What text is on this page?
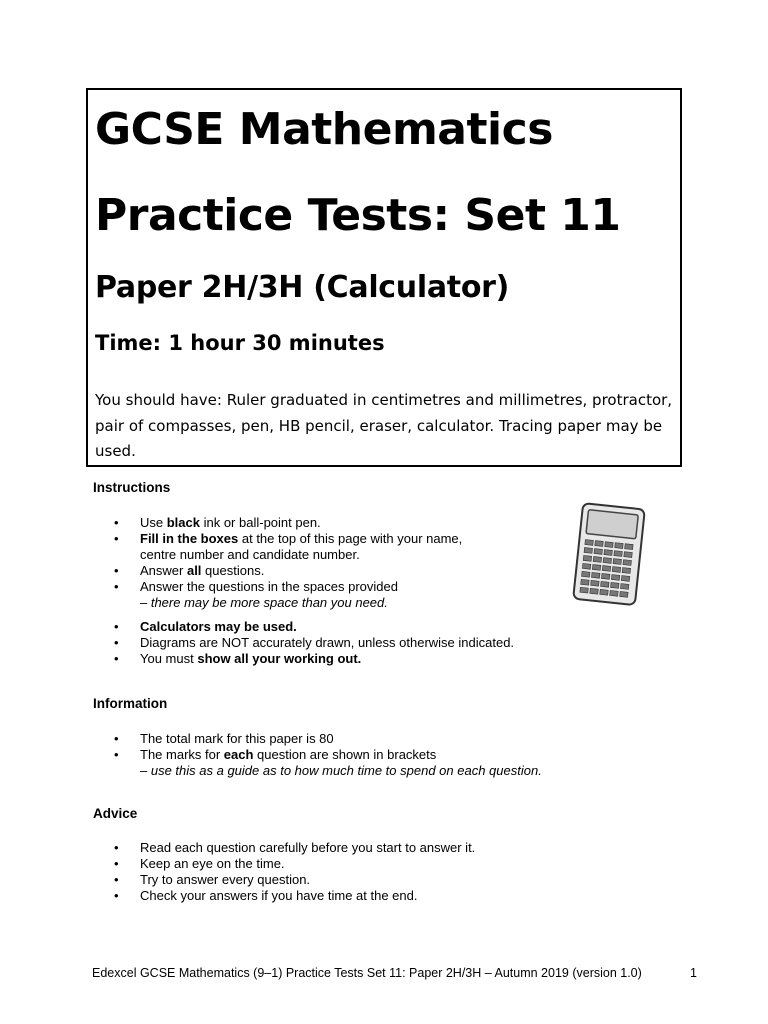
GCSE Mathematics
Practice Tests: Set 11
Paper 2H/3H (Calculator)
Time: 1 hour 30 minutes
You should have: Ruler graduated in centimetres and millimetres, protractor, pair of compasses, pen, HB pencil, eraser, calculator. Tracing paper may be used.
Instructions
• Use black ink or ball-point pen.
• Fill in the boxes at the top of this page with your name,
centre number and candidate number.
• Answer all questions.
• Answer the questions in the spaces provided
– there may be more space than you need.
• Calculators may be used.
• Diagrams are NOT accurately drawn, unless otherwise indicated.
• You must show all your working out.
Information
• The total mark for this paper is 80
• The marks for each question are shown in brackets
– use this as a guide as to how much time to spend on each question.
Advice
• Read each question carefully before you start to answer it.
• Keep an eye on the time.
• Try to answer every question.
• Check your answers if you have time at the end.
Edexcel GCSE Mathematics (9–1) Practice Tests Set 11: Paper 2H/3H – Autumn 2019 (version 1.0)	1
